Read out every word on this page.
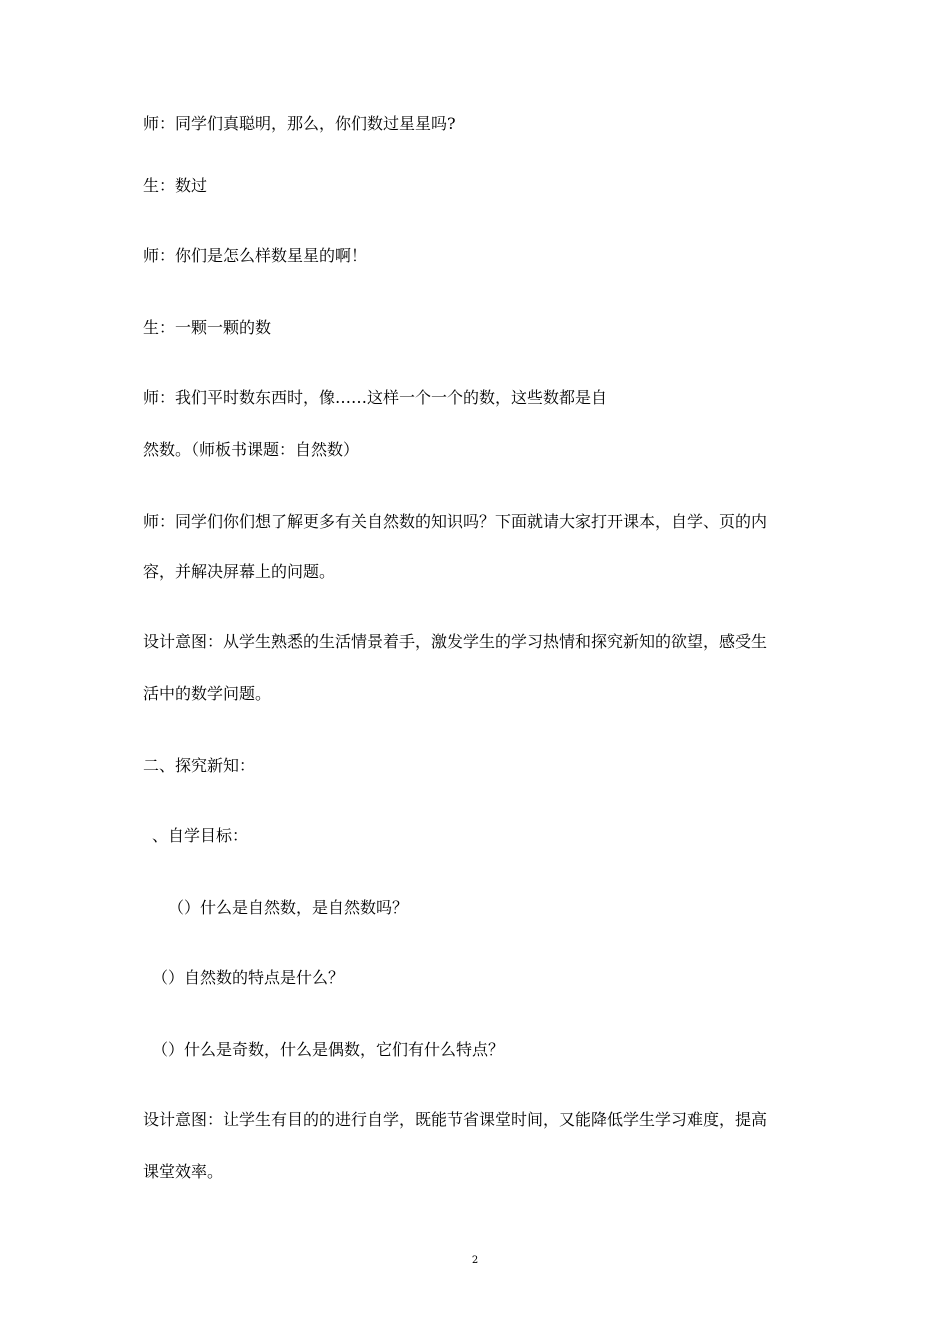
师：同学们真聪明，那么，你们数过星星吗?

生：数过

师：你们是怎么样数星星的啊！

生：一颗一颗的数

师：我们平时数东西时，像……这样一个一个的数，这些数都是自

然数。（师板书课题：自然数）

师：同学们你们想了解更多有关自然数的知识吗？下面就请大家打开课本，自学、页的内

容，并解决屏幕上的问题。

设计意图：从学生熟悉的生活情景着手，激发学生的学习热情和探究新知的欲望，感受生

活中的数学问题。

二、探究新知：

、自学目标：

（）什么是自然数，是自然数吗？

（）自然数的特点是什么？

（）什么是奇数，什么是偶数，它们有什么特点？

设计意图：让学生有目的的进行自学，既能节省课堂时间，又能降低学生学习难度，提高

课堂效率。

2
